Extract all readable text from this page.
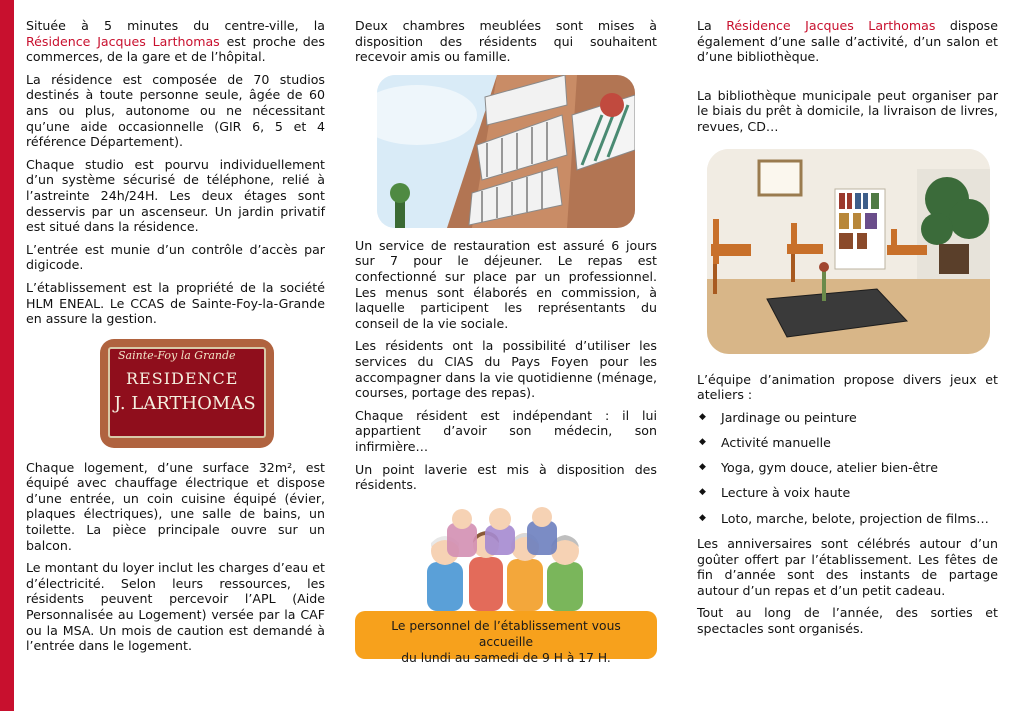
Située à 5 minutes du centre-ville, la Résidence Jacques Larthomas est proche des commerces, de la gare et de l’hôpital.

La résidence est composée de 70 studios destinés à toute personne seule, âgée de 60 ans ou plus, autonome ou ne nécessitant qu’une aide occasionnelle (GIR 6, 5 et 4 référence Département).

Chaque studio est pourvu individuellement d’un système sécurisé de téléphone, relié à l’astreinte 24h/24H. Les deux étages sont desservis par un ascenseur. Un jardin privatif est situé dans la résidence.

L’entrée est munie d’un contrôle d’accès par digicode.

L’établissement est la propriété de la société HLM ENEAL. Le CCAS de Sainte-Foy-la-Grande en assure la gestion.

Sainte-Foy la Grande
RESIDENCE
J. LARTHOMAS

Chaque logement, d’une surface 32m², est équipé avec chauffage électrique et dispose d’une entrée, un coin cuisine équipé (évier, plaques électriques), une salle de bains, un toilette. La pièce principale ouvre sur un balcon.

Le montant du loyer inclut les charges d’eau et d’électricité. Selon leurs ressources, les résidents peuvent percevoir l’APL (Aide Personnalisée au Logement) versée par la CAF ou la MSA. Un mois de caution est demandé à l’entrée dans le logement.

Deux chambres meublées sont mises à disposition des résidents qui souhaitent recevoir amis ou famille.

Un service de restauration est assuré 6 jours sur 7 pour le déjeuner. Le repas est confectionné sur place par un professionnel. Les menus sont élaborés en commission, à laquelle participent les représentants du conseil de la vie sociale.

Les résidents ont la possibilité d’utiliser les services du CIAS du Pays Foyen pour les accompagner dans la vie quotidienne (ménage, courses, portage des repas).

Chaque résident est indépendant : il lui appartient d’avoir son médecin, son infirmière…

Un point laverie est mis à disposition des résidents.

Le personnel de l’établissement vous accueille
du lundi au samedi de 9 H à 17 H.

La Résidence Jacques Larthomas dispose également d’une salle d’activité, d’un salon et d’une bibliothèque.

La bibliothèque municipale peut organiser par le biais du prêt à domicile, la livraison de livres, revues, CD…

L’équipe d’animation propose divers jeux et ateliers :

◆ Jardinage ou peinture
◆ Activité manuelle
◆ Yoga, gym douce, atelier bien-être
◆ Lecture à voix haute
◆ Loto, marche, belote, projection de films…

Les anniversaires sont célébrés autour d’un goûter offert par l’établissement. Les fêtes de fin d’année sont des instants de partage autour d’un repas et d’un petit cadeau.

Tout au long de l’année, des sorties et spectacles sont organisés.
